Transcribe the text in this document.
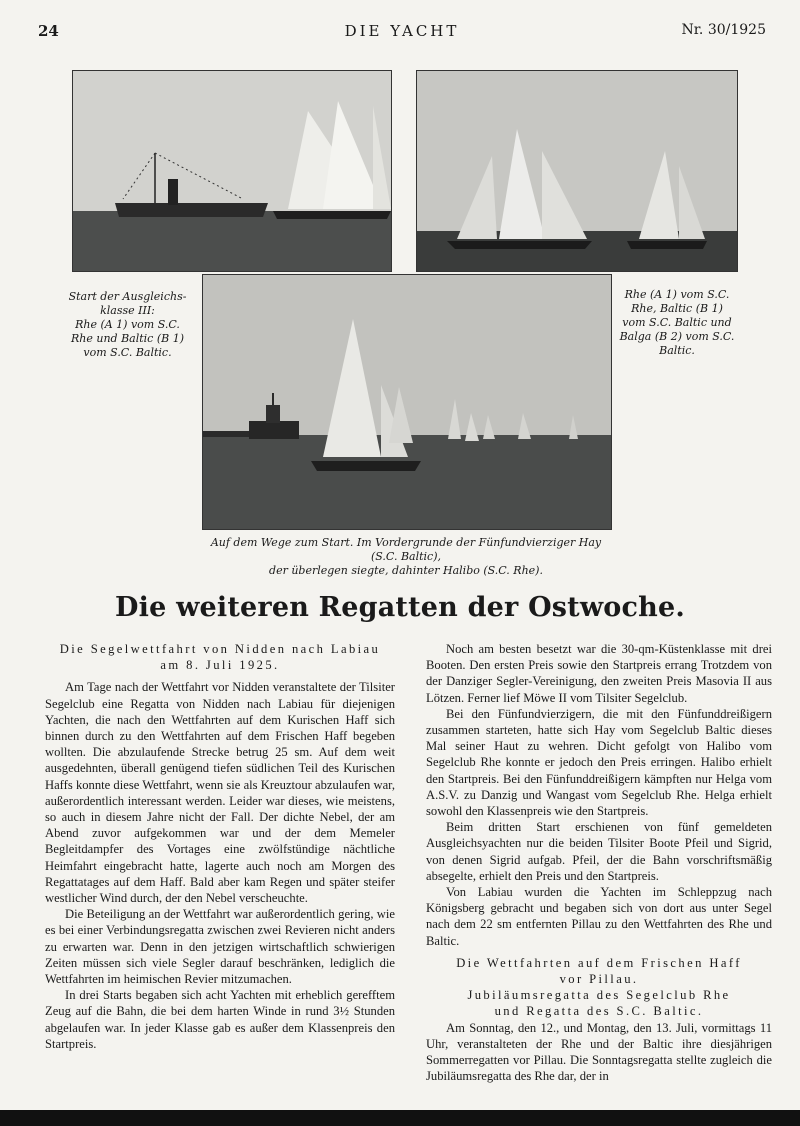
24	DIE YACHT	Nr. 30/1925
Start der Ausgleichs-
klasse III:
Rhe (A 1) vom S.C.
Rhe und Baltic (B 1)
vom S.C. Baltic.
Rhe (A 1) vom S.C.
Rhe, Baltic (B 1)
vom S.C. Baltic und
Balga (B 2) vom S.C.
Baltic.
Auf dem Wege zum Start. Im Vordergrunde der Fünfundvierziger Hay (S.C. Baltic),
der überlegen siegte, dahinter Halibo (S.C. Rhe).
Die weiteren Regatten der Ostwoche.

Die Segelwettfahrt von Nidden nach Labiau

am 8. Juli 1925.

Am Tage nach der Wettfahrt vor Nidden veranstaltete der Tilsiter Segelclub eine Regatta von Nidden nach Labiau für diejenigen Yachten, die nach den Wettfahrten auf dem Kurischen Haff sich binnen durch zu den Wettfahrten auf dem Frischen Haff begeben wollten. Die abzulaufende Strecke betrug 25 sm. Auf dem weit ausgedehnten, überall genügend tiefen südlichen Teil des Kurischen Haffs konnte diese Wettfahrt, wenn sie als Kreuztour abzulaufen war, außerordentlich interessant werden. Leider war dieses, wie meistens, so auch in diesem Jahre nicht der Fall. Der dichte Nebel, der am Abend zuvor aufgekommen war und der dem Memeler Begleitdampfer des Vortages eine zwölfstündige nächtliche Heimfahrt eingebracht hatte, lagerte auch noch am Morgen des Regattatages auf dem Haff. Bald aber kam Regen und später steifer westlicher Wind durch, der den Nebel verscheuchte.

Die Beteiligung an der Wettfahrt war außerordentlich gering, wie es bei einer Verbindungsregatta zwischen zwei Revieren nicht anders zu erwarten war. Denn in den jetzigen wirtschaftlich schwierigen Zeiten müssen sich viele Segler darauf beschränken, lediglich die Wettfahrten im heimischen Revier mitzumachen.

In drei Starts begaben sich acht Yachten mit erheblich gerefftem Zeug auf die Bahn, die bei dem harten Winde in rund 3½ Stunden abgelaufen war. In jeder Klasse gab es außer dem Klassenpreis den Startpreis.

Noch am besten besetzt war die 30-qm-Küstenklasse mit drei Booten. Den ersten Preis sowie den Startpreis errang Trotzdem von der Danziger Segler-Vereinigung, den zweiten Preis Masovia II aus Lötzen. Ferner lief Möwe II vom Tilsiter Segelclub.

Bei den Fünfundvierzigern, die mit den Fünfunddreißigern zusammen starteten, hatte sich Hay vom Segelclub Baltic dieses Mal seiner Haut zu wehren. Dicht gefolgt von Halibo vom Segelclub Rhe konnte er jedoch den Preis erringen. Halibo erhielt den Startpreis. Bei den Fünfunddreißigern kämpften nur Helga vom A.S.V. zu Danzig und Wangast vom Segelclub Rhe. Helga erhielt sowohl den Klassenpreis wie den Startpreis.

Beim dritten Start erschienen von fünf gemeldeten Ausgleichsyachten nur die beiden Tilsiter Boote Pfeil und Sigrid, von denen Sigrid aufgab. Pfeil, der die Bahn vorschriftsmäßig absegelte, erhielt den Preis und den Startpreis.

Von Labiau wurden die Yachten im Schleppzug nach Königsberg gebracht und begaben sich von dort aus unter Segel nach dem 22 sm entfernten Pillau zu den Wettfahrten des Rhe und Baltic.

Die Wettfahrten auf dem Frischen Haff

vor Pillau.

Jubiläumsregatta des Segelclub Rhe

und Regatta des S.C. Baltic.

Am Sonntag, den 12., und Montag, den 13. Juli, vormittags 11 Uhr, veranstalteten der Rhe und der Baltic ihre diesjährigen Sommerregatten vor Pillau. Die Sonntagsregatta stellte zugleich die Jubiläumsregatta des Rhe dar, der in
